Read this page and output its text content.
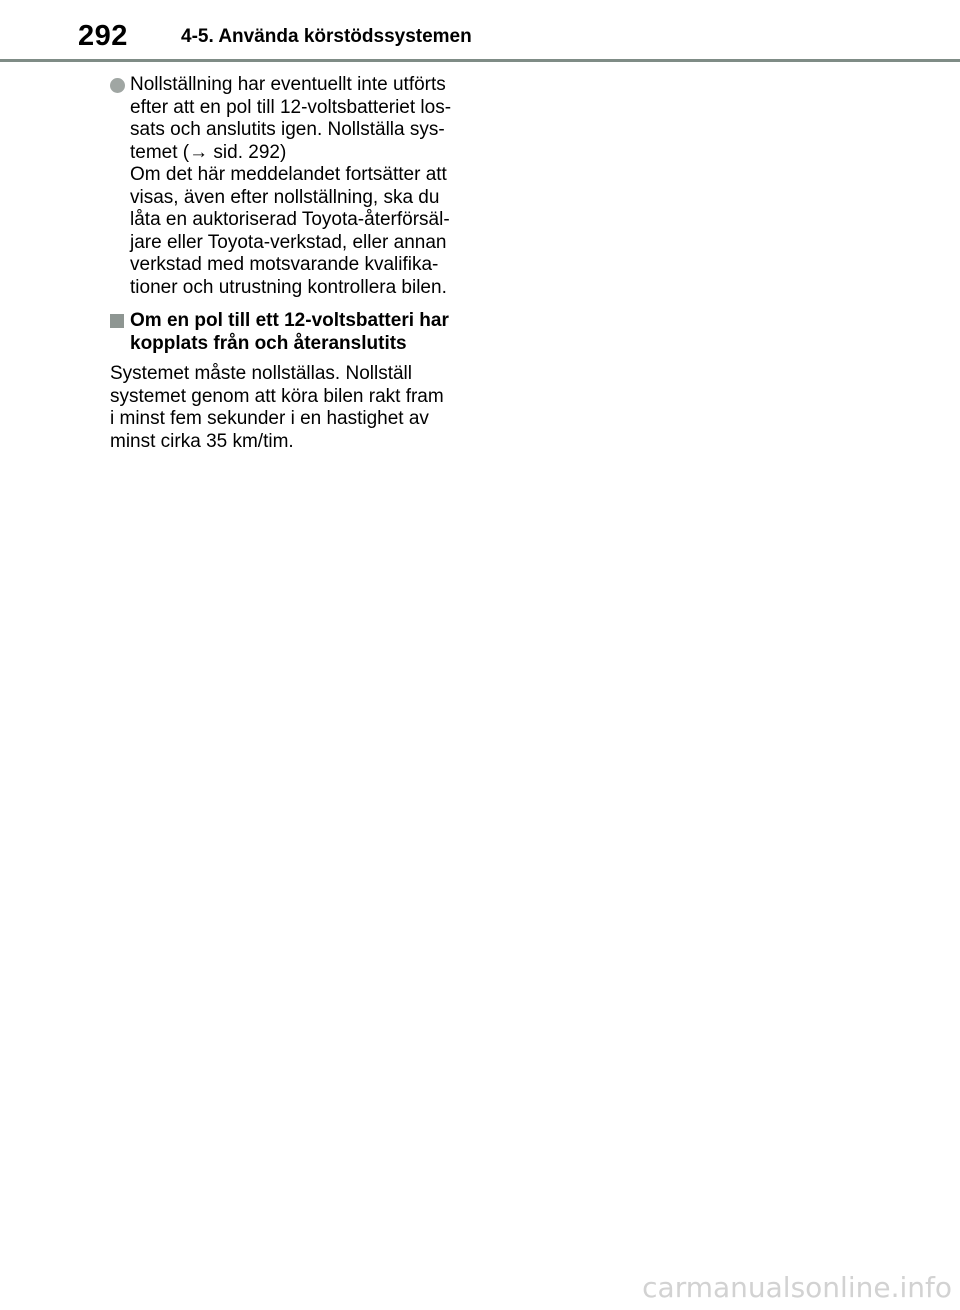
292	4-5. Använda körstödssystemen
Nollställning har eventuellt inte utförts
efter att en pol till 12-voltsbatteriet los-
sats och anslutits igen. Nollställa sys-
temet (→ sid. 292)
Om det här meddelandet fortsätter att
visas, även efter nollställning, ska du
låta en auktoriserad Toyota-återförsäl-
jare eller Toyota-verkstad, eller annan
verkstad med motsvarande kvalifika-
tioner och utrustning kontrollera bilen.
Om en pol till ett 12-voltsbatteri har
kopplats från och återanslutits
Systemet måste nollställas. Nollställ
systemet genom att köra bilen rakt fram
i minst fem sekunder i en hastighet av
minst cirka 35 km/tim.
carmanualsonline.info
